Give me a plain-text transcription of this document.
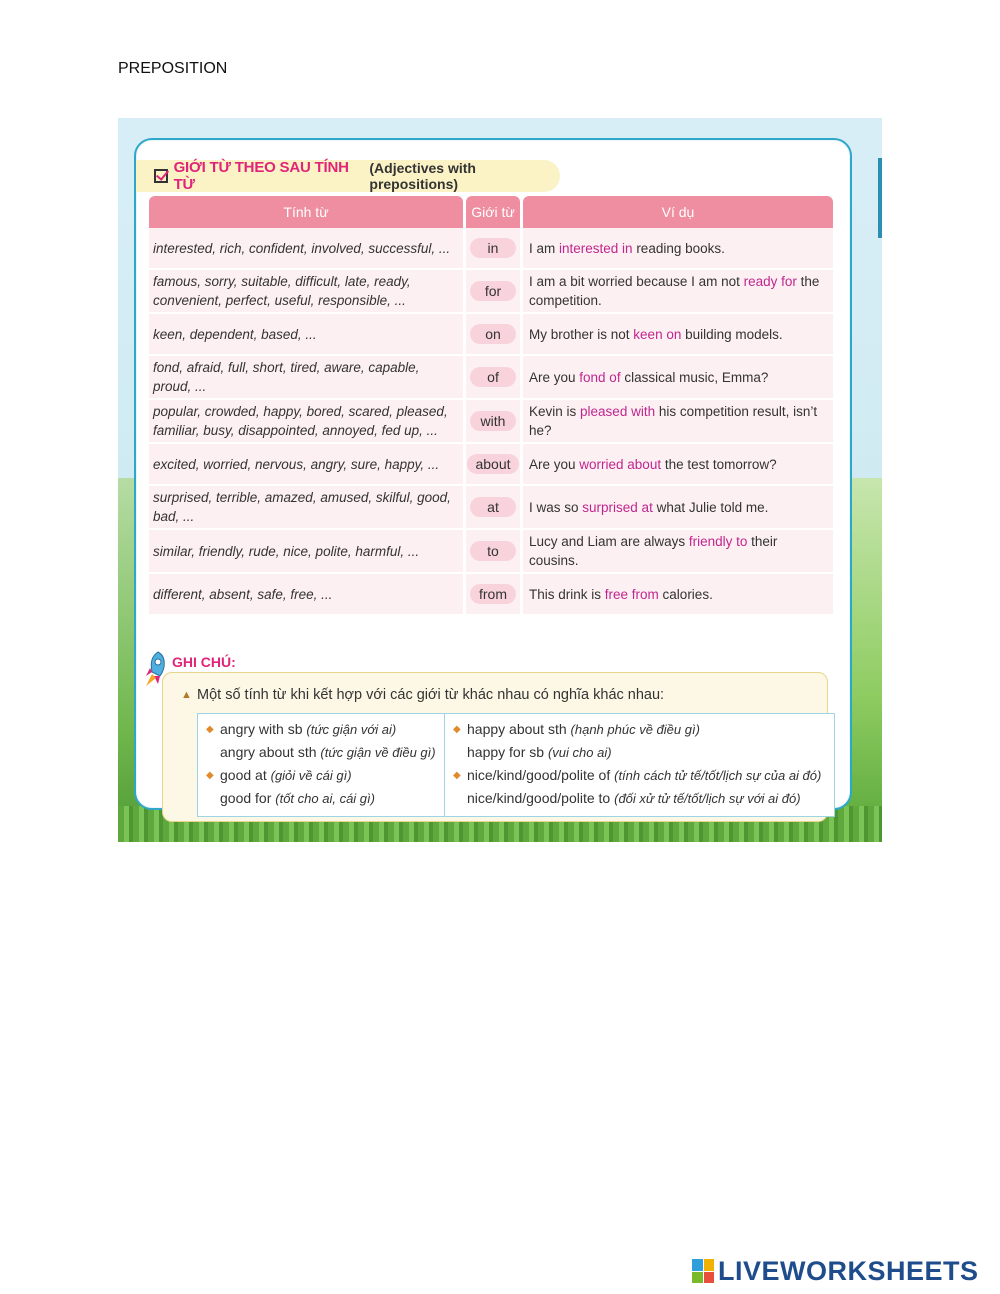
PREPOSITION
GIỚI TỪ THEO SAU TÍNH TỪ
(Adjectives with prepositions)
Tính từ	Giới từ	Ví dụ
interested, rich, confident, involved, successful, ...	in	I am interested in reading books.
famous, sorry, suitable, difficult, late, ready, convenient, perfect, useful, responsible, ...	for	I am a bit worried because I am not ready for the competition.
keen, dependent, based, ...	on	My brother is not keen on building models.
fond, afraid, full, short, tired, aware, capable, proud, ...	of	Are you fond of classical music, Emma?
popular, crowded, happy, bored, scared, pleased, familiar, busy, disappointed, annoyed, fed up, ...	with	Kevin is pleased with his competition result, isn’t he?
excited, worried, nervous, angry, sure, happy, ...	about	Are you worried about the test tomorrow?
surprised, terrible, amazed, amused, skilful, good, bad, ...	at	I was so surprised at what Julie told me.
similar, friendly, rude, nice, polite, harmful, ...	to	Lucy and Liam are always friendly to their cousins.
different, absent, safe, free, ...	from	This drink is free from calories.
GHI CHÚ:
▲ Một số tính từ khi kết hợp với các giới từ khác nhau có nghĩa khác nhau:
◆ angry with sb (tức giận với ai)
angry about sth (tức giận về điều gì)
◆ good at (giỏi về cái gì)
good for (tốt cho ai, cái gì)
◆ happy about sth (hạnh phúc về điều gì)
happy for sb (vui cho ai)
◆ nice/kind/good/polite of (tính cách tử tế/tốt/lịch sự của ai đó)
nice/kind/good/polite to (đối xử tử tế/tốt/lịch sự với ai đó)
LIVEWORKSHEETS
